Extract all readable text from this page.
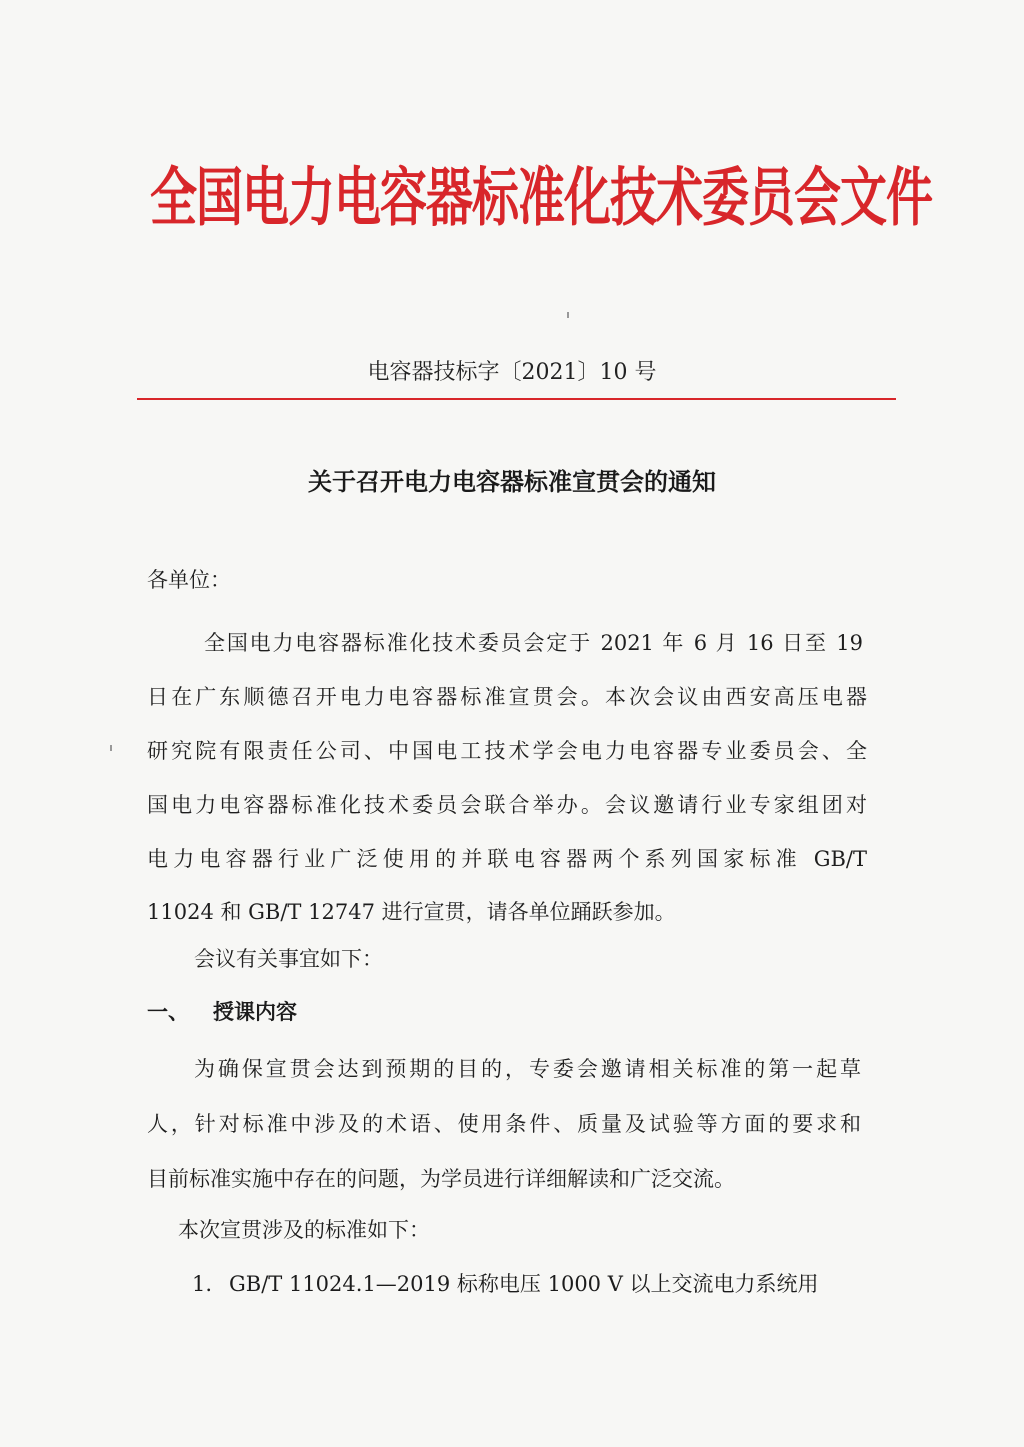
全国电力电容器标准化技术委员会文件
电容器技标字〔2021〕10 号
关于召开电力电容器标准宣贯会的通知
各单位：
全国电力电容器标准化技术委员会定于 2021 年 6 月 16 日至 19
日在广东顺德召开电力电容器标准宣贯会。本次会议由西安高压电器
研究院有限责任公司、中国电工技术学会电力电容器专业委员会、全
国电力电容器标准化技术委员会联合举办。会议邀请行业专家组团对
电力电容器行业广泛使用的并联电容器两个系列国家标准 GB/T
11024 和 GB/T 12747 进行宣贯，请各单位踊跃参加。
会议有关事宜如下：
一、 授课内容
为确保宣贯会达到预期的目的，专委会邀请相关标准的第一起草
人，针对标准中涉及的术语、使用条件、质量及试验等方面的要求和
目前标准实施中存在的问题，为学员进行详细解读和广泛交流。
本次宣贯涉及的标准如下：
1. GB/T 11024.1—2019 标称电压 1000 V 以上交流电力系统用
